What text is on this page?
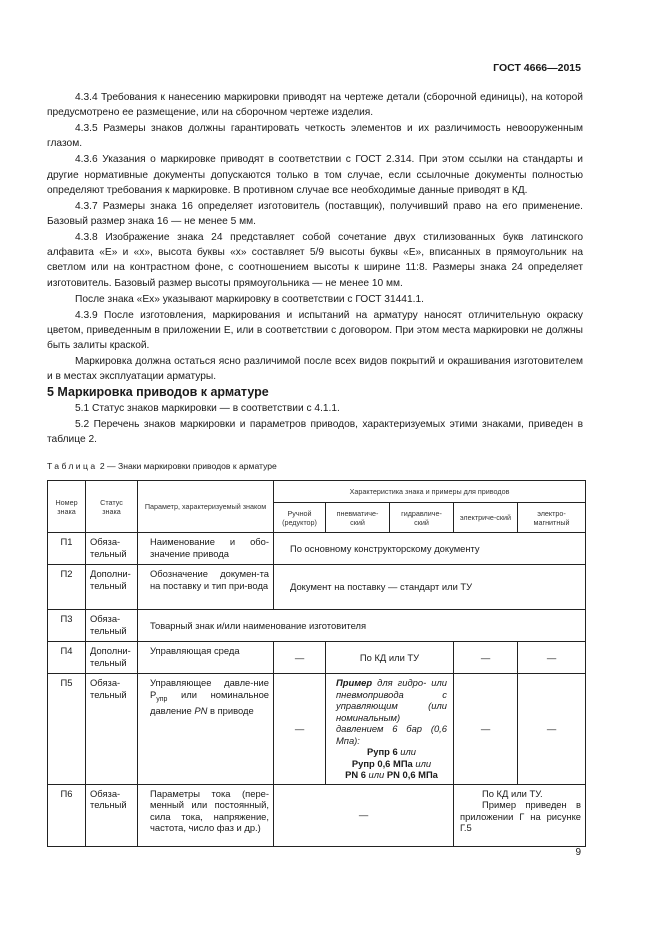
ГОСТ 4666—2015

4.3.4 Требования к нанесению маркировки приводят на чертеже детали (сборочной единицы), на которой предусмотрено ее размещение, или на сборочном чертеже изделия.

4.3.5 Размеры знаков должны гарантировать четкость элементов и их различимость невооруженным глазом.

4.3.6 Указания о маркировке приводят в соответствии с ГОСТ 2.314. При этом ссылки на стандарты и другие нормативные документы допускаются только в том случае, если ссылочные документы полностью определяют требования к маркировке. В противном случае все необходимые данные приводят в КД.

4.3.7 Размеры знака 16 определяет изготовитель (поставщик), получивший право на его применение. Базовый размер знака 16 — не менее 5 мм.

4.3.8 Изображение знака 24 представляет собой сочетание двух стилизованных букв латинского алфавита «Е» и «х», высота буквы «х» составляет 5/9 высоты буквы «Е», вписанных в прямоугольник на светлом или на контрастном фоне, с соотношением высоты к ширине 11:8. Размеры знака 24 определяет изготовитель. Базовый размер высоты прямоугольника — не менее 10 мм.

После знака «Ех» указывают маркировку в соответствии с ГОСТ 31441.1.

4.3.9 После изготовления, маркирования и испытаний на арматуру наносят отличительную окраску цветом, приведенным в приложении Е, или в соответствии с договором. При этом места маркировки не должны быть залиты краской.

Маркировка должна остаться ясно различимой после всех видов покрытий и окрашивания изготовителем и в местах эксплуатации арматуры.

5 Маркировка приводов к арматуре

5.1 Статус знаков маркировки — в соответствии с 4.1.1.

5.2 Перечень знаков маркировки и параметров приводов, характеризуемых этими знаками, приведен в таблице 2.

Таблица 2 — Знаки маркировки приводов к арматуре
Номер знака	Статус знака	Параметр, характеризуемый знаком	Характеристика знака и примеры для приводов				
			Ручной (редуктор)	пневматиче-ский	гидравличе-ский	электриче-ский	электро-магнитный
П1	Обяза-тельный	Наименование и обо-значение привода	По основному конструкторскому документу				
П2	Дополни-тельный	Обозначение докумен-та на поставку и тип при-вода	Документ на поставку — стандарт или ТУ				
П3	Обяза-тельный	Товарный знак и/или наименование изготовителя					
П4	Дополни-тельный	Управляющая среда	—	По КД или ТУ		—	—
П5	Обяза-тельный	Управляющее давле-ние $P_{упр}$ или номинальное давление PN в приводе	—	Пример для гидро- или пневмопривода с управляющим (или номинальным) давлением 6 бар (0,6 Мпа):
Рупр 6 или
Рупр 0,6 МПа или
PN 6 или PN 0,6 МПа		—	—
П6	Обяза-тельный	Параметры тока (пере-менный или постоянный, сила тока, напряжение, частота, число фаз и др.)	—			По КД или ТУ.
Пример приведен в приложении Г на рисунке Г.5	
9
